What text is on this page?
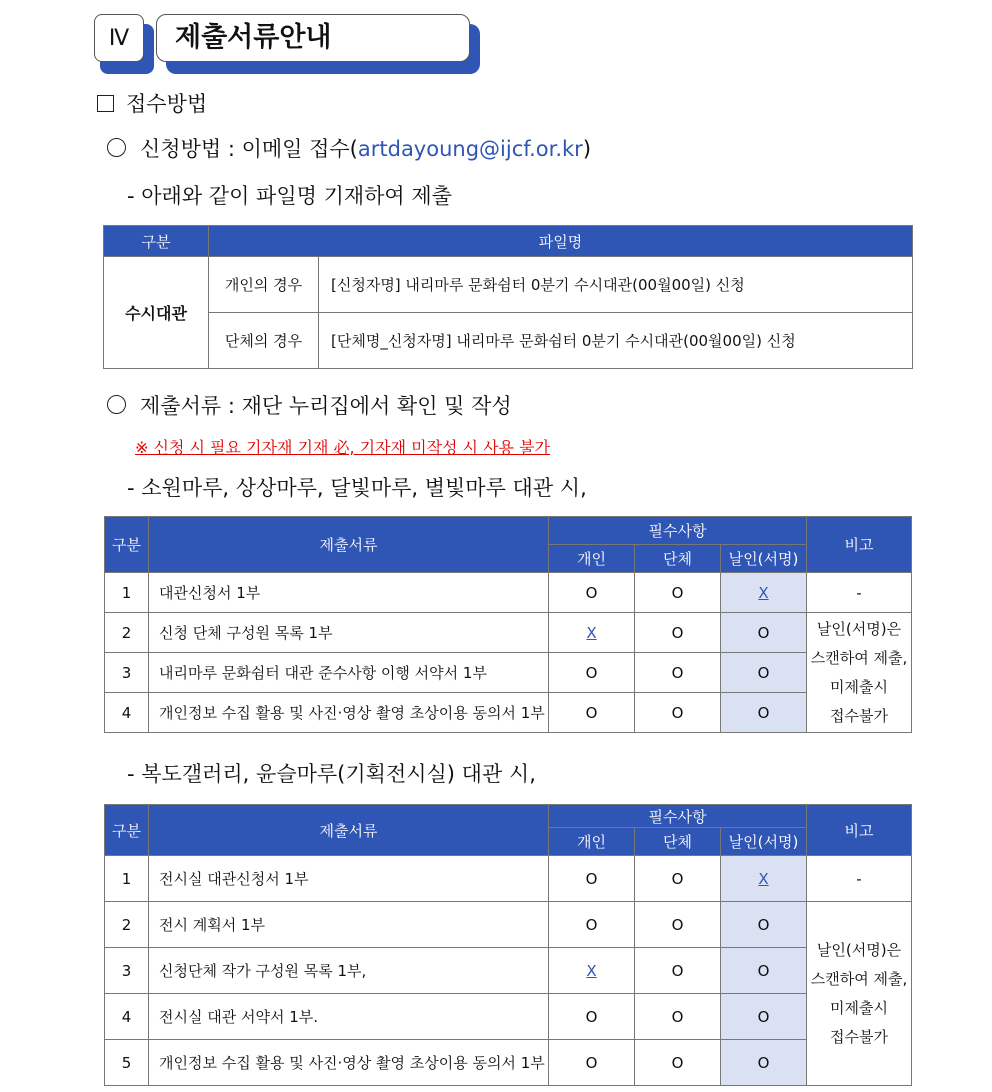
Ⅳ	제출서류안내
접수방법
신청방법 : 이메일 접수(artdayoung@ijcf.or.kr)
- 아래와 같이 파일명 기재하여 제출
구분	파일명	
수시대관	개인의 경우	[신청자명] 내리마루 문화쉼터 0분기 수시대관(00월00일) 신청
	단체의 경우	[단체명_신청자명] 내리마루 문화쉼터 0분기 수시대관(00월00일) 신청
제출서류 : 재단 누리집에서 확인 및 작성
※ 신청 시 필요 기자재 기재 必, 기자재 미작성 시 사용 불가
- 소원마루, 상상마루, 달빛마루, 별빛마루 대관 시,
구분	제출서류	필수사항			비고
		개인	단체	날인(서명)	
1	대관신청서 1부	O	O	X	-
2	신청 단체 구성원 목록 1부	X	O	O	날인(서명)은
스캔하여 제출,
미제출시
접수불가

3	내리마루 문화쉼터 대관 준수사항 이행 서약서 1부	O	O	O	
4	개인정보 수집 활용 및 사진·영상 촬영 초상이용 동의서 1부	O	O	O	
- 복도갤러리, 윤슬마루(기획전시실) 대관 시,
구분	제출서류	필수사항			비고
		개인	단체	날인(서명)	
1	전시실 대관신청서 1부	O	O	X	-
2	전시 계획서 1부	O	O	O	날인(서명)은
스캔하여 제출,
미제출시
접수불가

3	신청단체 작가 구성원 목록 1부,	X	O	O	
4	전시실 대관 서약서 1부.	O	O	O	
5	개인정보 수집 활용 및 사진·영상 촬영 초상이용 동의서 1부	O	O	O	
